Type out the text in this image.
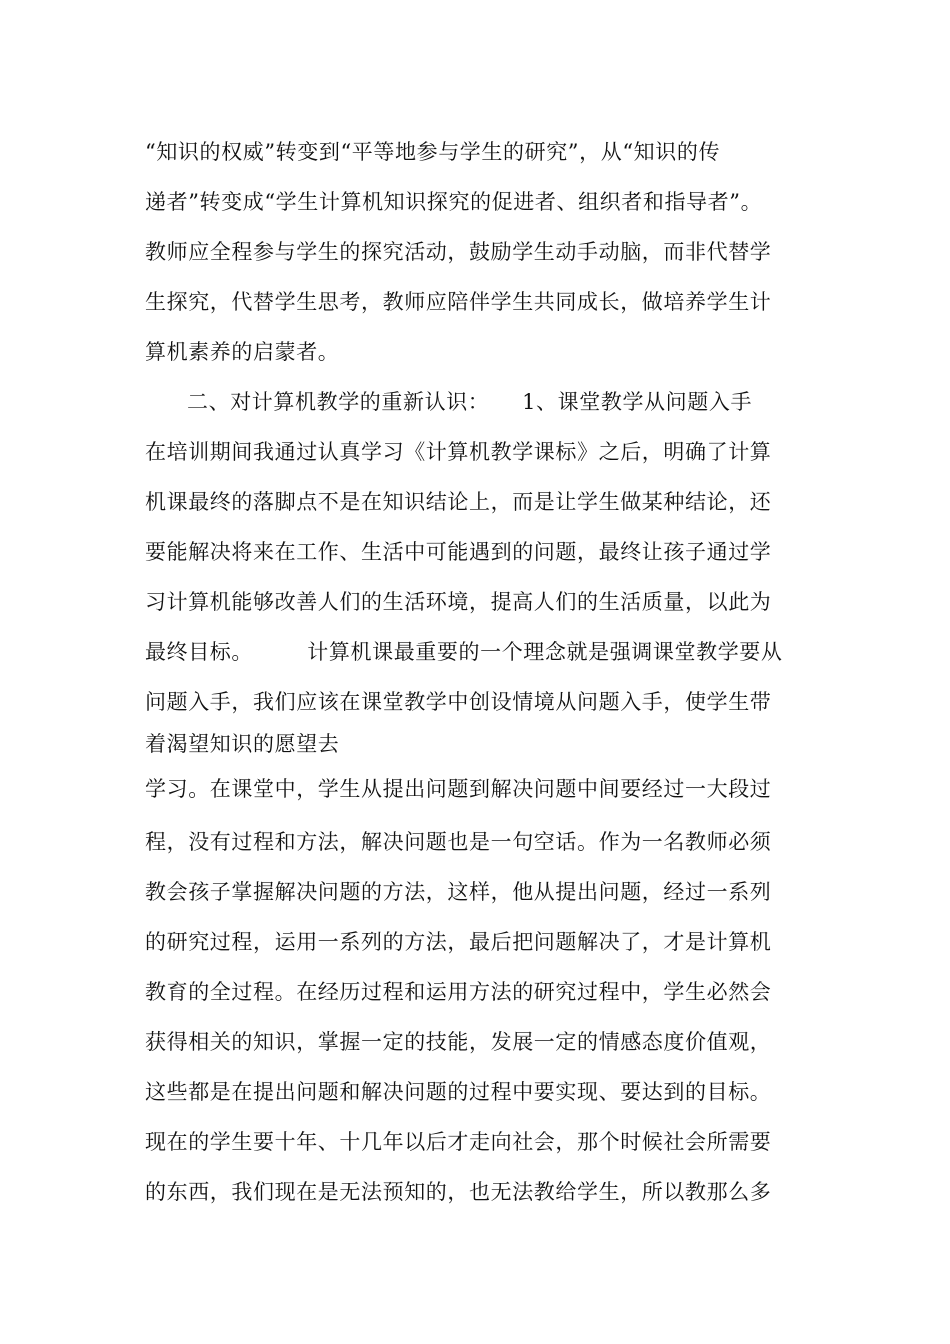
“知识的权威”转变到“平等地参与学生的研究”，从“知识的传
递者”转变成“学生计算机知识探究的促进者、组织者和指导者”。
教师应全程参与学生的探究活动，鼓励学生动手动脑，而非代替学
生探究，代替学生思考，教师应陪伴学生共同成长，做培养学生计
算机素养的启蒙者。
二、对计算机教学的重新认识：　　1、课堂教学从问题入手
在培训期间我通过认真学习《计算机教学课标》之后，明确了计算
机课最终的落脚点不是在知识结论上，而是让学生做某种结论，还
要能解决将来在工作、生活中可能遇到的问题，最终让孩子通过学
习计算机能够改善人们的生活环境，提高人们的生活质量，以此为
最终目标。　　　计算机课最重要的一个理念就是强调课堂教学要从
问题入手，我们应该在课堂教学中创设情境从问题入手，使学生带
着渴望知识的愿望去
学习。在课堂中，学生从提出问题到解决问题中间要经过一大段过
程，没有过程和方法，解决问题也是一句空话。作为一名教师必须
教会孩子掌握解决问题的方法，这样，他从提出问题，经过一系列
的研究过程，运用一系列的方法，最后把问题解决了，才是计算机
教育的全过程。在经历过程和运用方法的研究过程中，学生必然会
获得相关的知识，掌握一定的技能，发展一定的情感态度价值观，
这些都是在提出问题和解决问题的过程中要实现、要达到的目标。
现在的学生要十年、十几年以后才走向社会，那个时候社会所需要
的东西，我们现在是无法预知的，也无法教给学生，所以教那么多
